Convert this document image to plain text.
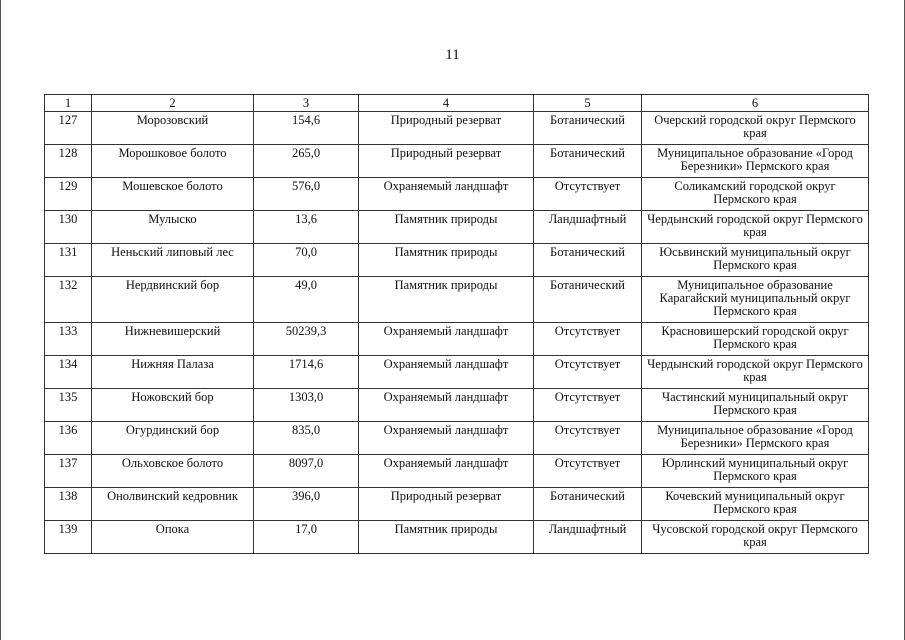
11
1	2	3	4	5	6
127	Морозовский	154,6	Природный резерват	Ботанический	Очерский городской округ Пермского края
128	Морошковое болото	265,0	Природный резерват	Ботанический	Муниципальное образование «Город Березники» Пермского края
129	Мошевское болото	576,0	Охраняемый ландшафт	Отсутствует	Соликамский городской округ Пермского края
130	Мулыско	13,6	Памятник природы	Ландшафтный	Чердынский городской округ Пермского края
131	Неньский липовый лес	70,0	Памятник природы	Ботанический	Юсьвинский муниципальный округ Пермского края
132	Нердвинский бор	49,0	Памятник природы	Ботанический	Муниципальное образование Карагайский муниципальный округ Пермского края
133	Нижневишерский	50239,3	Охраняемый ландшафт	Отсутствует	Красновишерский городской округ Пермского края
134	Нижняя Палаза	1714,6	Охраняемый ландшафт	Отсутствует	Чердынский городской округ Пермского края
135	Ножовский бор	1303,0	Охраняемый ландшафт	Отсутствует	Частинский муниципальный округ Пермского края
136	Огурдинский бор	835,0	Охраняемый ландшафт	Отсутствует	Муниципальное образование «Город Березники» Пермского края
137	Ольховское болото	8097,0	Охраняемый ландшафт	Отсутствует	Юрлинский муниципальный округ Пермского края
138	Онолвинский кедровник	396,0	Природный резерват	Ботанический	Кочевский муниципальный округ Пермского края
139	Опока	17,0	Памятник природы	Ландшафтный	Чусовской городской округ Пермского края
